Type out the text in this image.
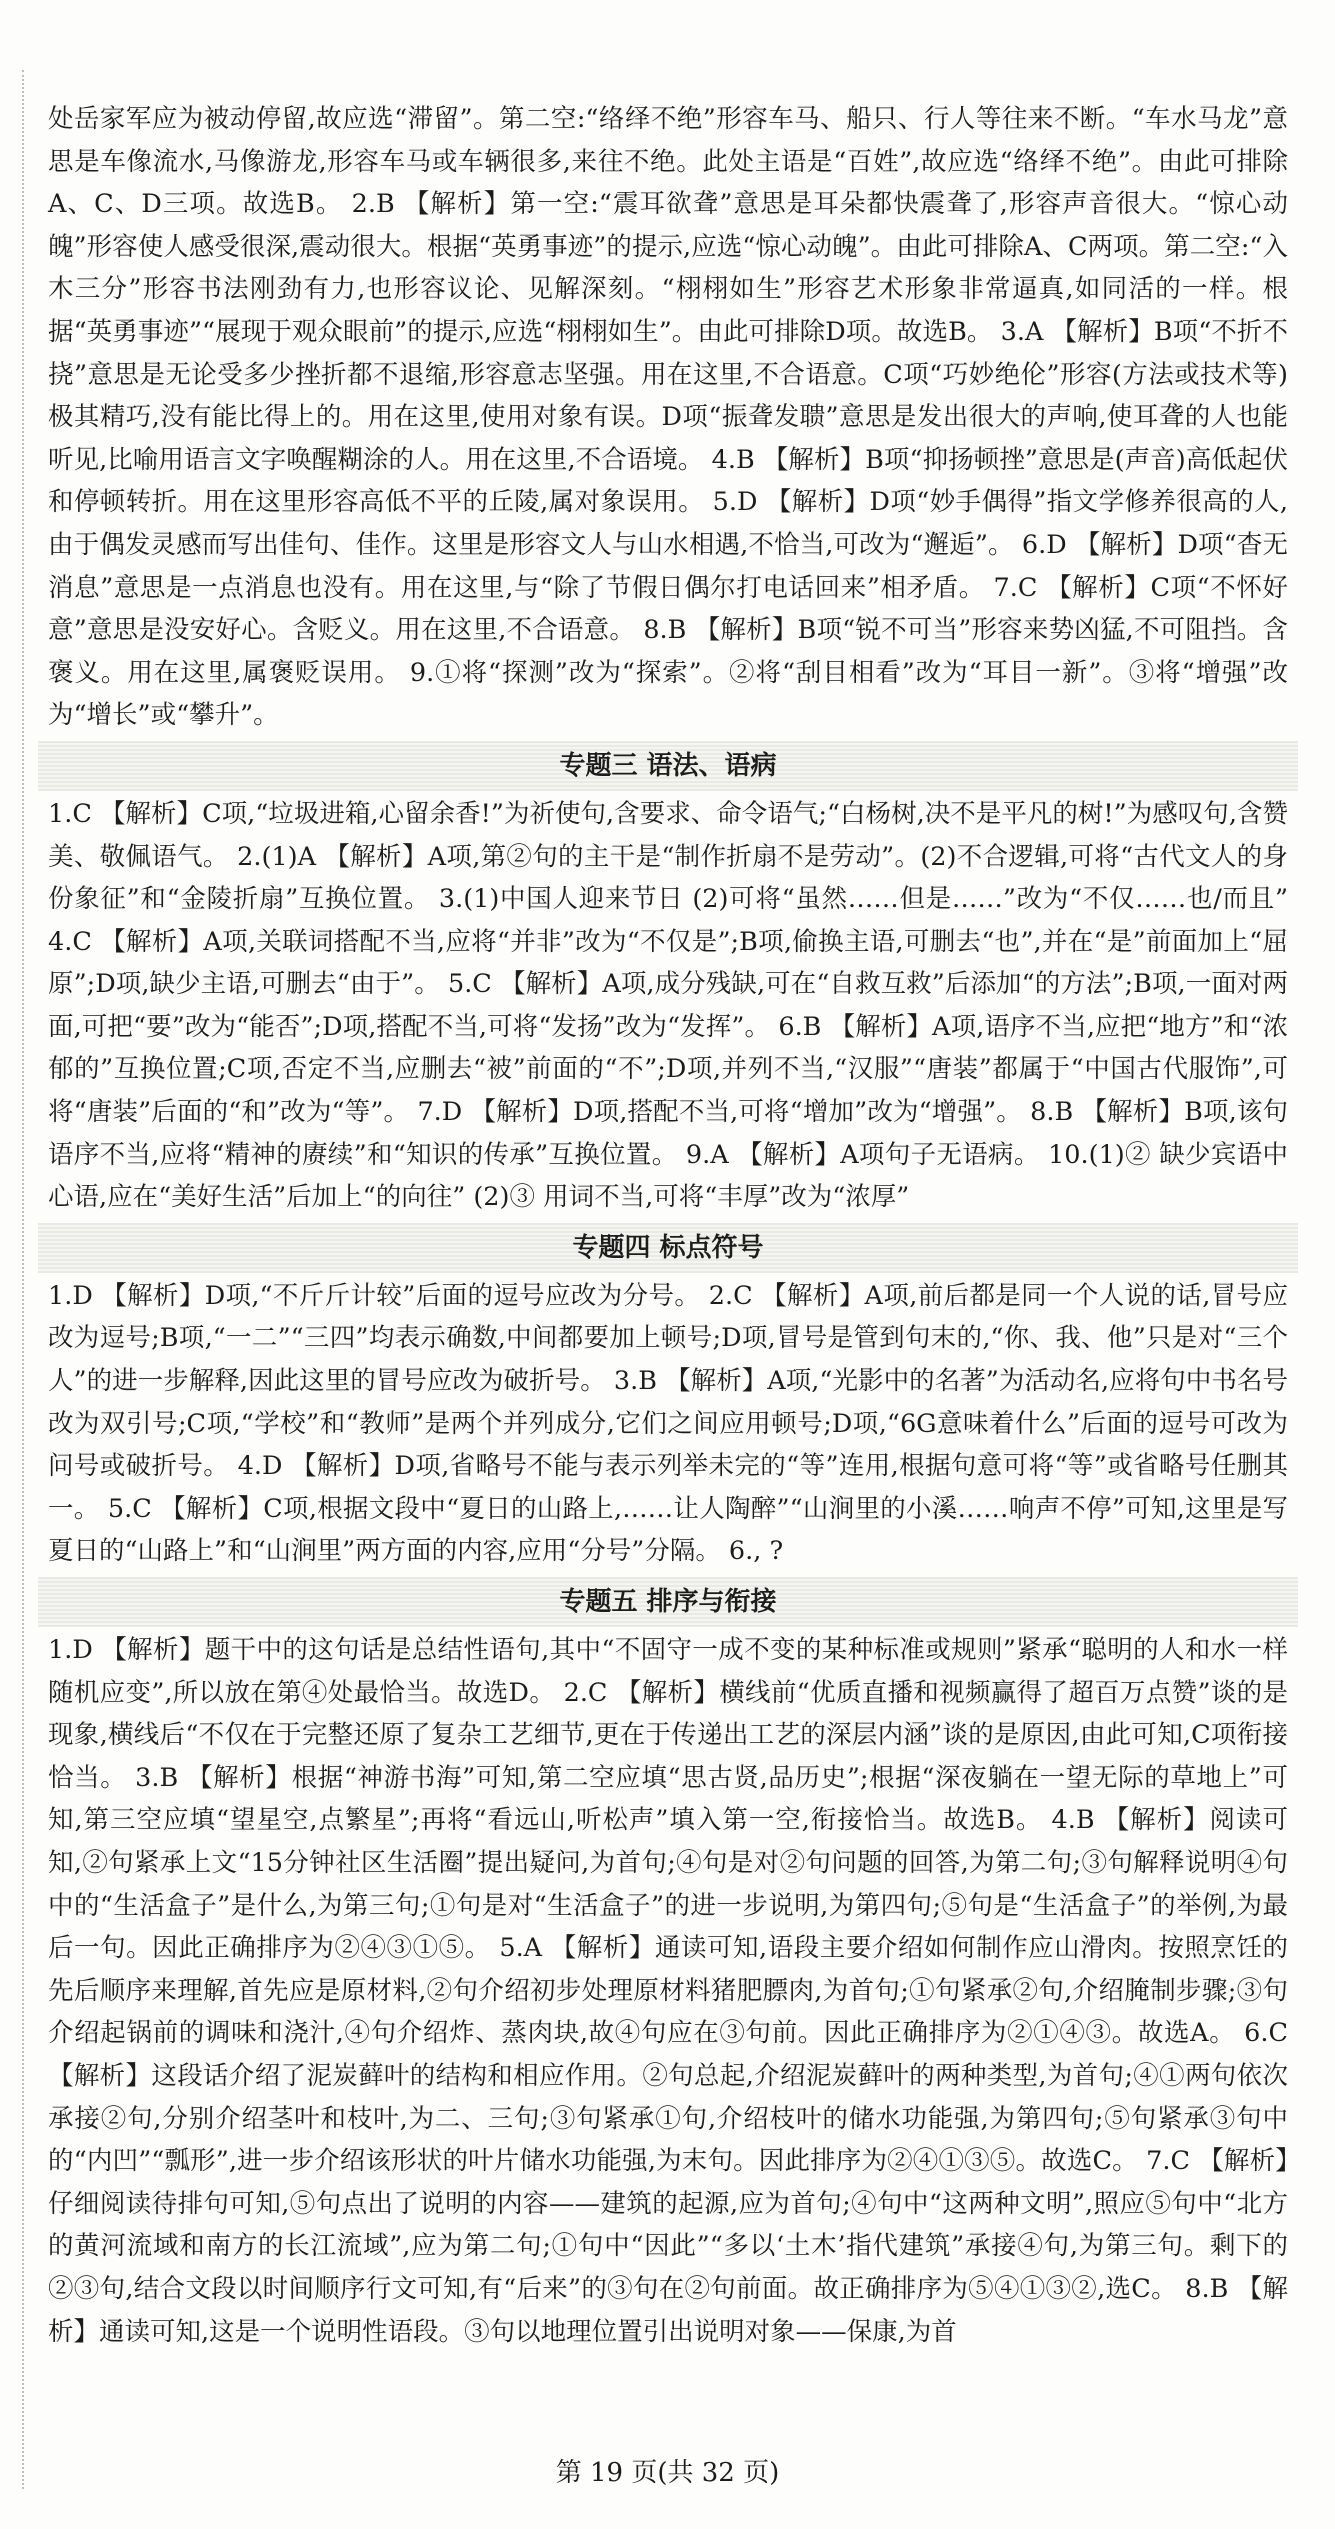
处岳家军应为被动停留,故应选“滞留”。第二空:“络绎不绝”形容车马、船只、行人等往来不断。“车水马龙”意思是车像流水,马像游龙,形容车马或车辆很多,来往不绝。此处主语是“百姓”,故应选“络绎不绝”。由此可排除A、C、D三项。故选B。 2.B 【解析】第一空:“震耳欲聋”意思是耳朵都快震聋了,形容声音很大。“惊心动魄”形容使人感受很深,震动很大。根据“英勇事迹”的提示,应选“惊心动魄”。由此可排除A、C两项。第二空:“入木三分”形容书法刚劲有力,也形容议论、见解深刻。“栩栩如生”形容艺术形象非常逼真,如同活的一样。根据“英勇事迹”“展现于观众眼前”的提示,应选“栩栩如生”。由此可排除D项。故选B。 3.A 【解析】B项“不折不挠”意思是无论受多少挫折都不退缩,形容意志坚强。用在这里,不合语意。C项“巧妙绝伦”形容(方法或技术等)极其精巧,没有能比得上的。用在这里,使用对象有误。D项“振聋发聩”意思是发出很大的声响,使耳聋的人也能听见,比喻用语言文字唤醒糊涂的人。用在这里,不合语境。 4.B 【解析】B项“抑扬顿挫”意思是(声音)高低起伏和停顿转折。用在这里形容高低不平的丘陵,属对象误用。 5.D 【解析】D项“妙手偶得”指文学修养很高的人,由于偶发灵感而写出佳句、佳作。这里是形容文人与山水相遇,不恰当,可改为“邂逅”。 6.D 【解析】D项“杳无消息”意思是一点消息也没有。用在这里,与“除了节假日偶尔打电话回来”相矛盾。 7.C 【解析】C项“不怀好意”意思是没安好心。含贬义。用在这里,不合语意。 8.B 【解析】B项“锐不可当”形容来势凶猛,不可阻挡。含褒义。用在这里,属褒贬误用。 9.①将“探测”改为“探索”。②将“刮目相看”改为“耳目一新”。③将“增强”改为“增长”或“攀升”。

专题三 语法、语病

1.C 【解析】C项,“垃圾进箱,心留余香!”为祈使句,含要求、命令语气;“白杨树,决不是平凡的树!”为感叹句,含赞美、敬佩语气。 2.(1)A 【解析】A项,第②句的主干是“制作折扇不是劳动”。(2)不合逻辑,可将“古代文人的身份象征”和“金陵折扇”互换位置。 3.(1)中国人迎来节日 (2)可将“虽然……但是……”改为“不仅……也/而且” 4.C 【解析】A项,关联词搭配不当,应将“并非”改为“不仅是”;B项,偷换主语,可删去“也”,并在“是”前面加上“屈原”;D项,缺少主语,可删去“由于”。 5.C 【解析】A项,成分残缺,可在“自救互救”后添加“的方法”;B项,一面对两面,可把“要”改为“能否”;D项,搭配不当,可将“发扬”改为“发挥”。 6.B 【解析】A项,语序不当,应把“地方”和“浓郁的”互换位置;C项,否定不当,应删去“被”前面的“不”;D项,并列不当,“汉服”“唐装”都属于“中国古代服饰”,可将“唐装”后面的“和”改为“等”。 7.D 【解析】D项,搭配不当,可将“增加”改为“增强”。 8.B 【解析】B项,该句语序不当,应将“精神的赓续”和“知识的传承”互换位置。 9.A 【解析】A项句子无语病。 10.(1)② 缺少宾语中心语,应在“美好生活”后加上“的向往” (2)③ 用词不当,可将“丰厚”改为“浓厚”

专题四 标点符号

1.D 【解析】D项,“不斤斤计较”后面的逗号应改为分号。 2.C 【解析】A项,前后都是同一个人说的话,冒号应改为逗号;B项,“一二”“三四”均表示确数,中间都要加上顿号;D项,冒号是管到句末的,“你、我、他”只是对“三个人”的进一步解释,因此这里的冒号应改为破折号。 3.B 【解析】A项,“光影中的名著”为活动名,应将句中书名号改为双引号;C项,“学校”和“教师”是两个并列成分,它们之间应用顿号;D项,“6G意味着什么”后面的逗号可改为问号或破折号。 4.D 【解析】D项,省略号不能与表示列举未完的“等”连用,根据句意可将“等”或省略号任删其一。 5.C 【解析】C项,根据文段中“夏日的山路上,……让人陶醉”“山涧里的小溪……响声不停”可知,这里是写夏日的“山路上”和“山涧里”两方面的内容,应用“分号”分隔。 6., ?

专题五 排序与衔接

1.D 【解析】题干中的这句话是总结性语句,其中“不固守一成不变的某种标准或规则”紧承“聪明的人和水一样随机应变”,所以放在第④处最恰当。故选D。 2.C 【解析】横线前“优质直播和视频赢得了超百万点赞”谈的是现象,横线后“不仅在于完整还原了复杂工艺细节,更在于传递出工艺的深层内涵”谈的是原因,由此可知,C项衔接恰当。 3.B 【解析】根据“神游书海”可知,第二空应填“思古贤,品历史”;根据“深夜躺在一望无际的草地上”可知,第三空应填“望星空,点繁星”;再将“看远山,听松声”填入第一空,衔接恰当。故选B。 4.B 【解析】阅读可知,②句紧承上文“15分钟社区生活圈”提出疑问,为首句;④句是对②句问题的回答,为第二句;③句解释说明④句中的“生活盒子”是什么,为第三句;①句是对“生活盒子”的进一步说明,为第四句;⑤句是“生活盒子”的举例,为最后一句。因此正确排序为②④③①⑤。 5.A 【解析】通读可知,语段主要介绍如何制作应山滑肉。按照烹饪的先后顺序来理解,首先应是原材料,②句介绍初步处理原材料猪肥膘肉,为首句;①句紧承②句,介绍腌制步骤;③句介绍起锅前的调味和浇汁,④句介绍炸、蒸肉块,故④句应在③句前。因此正确排序为②①④③。故选A。 6.C 【解析】这段话介绍了泥炭藓叶的结构和相应作用。②句总起,介绍泥炭藓叶的两种类型,为首句;④①两句依次承接②句,分别介绍茎叶和枝叶,为二、三句;③句紧承①句,介绍枝叶的储水功能强,为第四句;⑤句紧承③句中的“内凹”“瓢形”,进一步介绍该形状的叶片储水功能强,为末句。因此排序为②④①③⑤。故选C。 7.C 【解析】仔细阅读待排句可知,⑤句点出了说明的内容——建筑的起源,应为首句;④句中“这两种文明”,照应⑤句中“北方的黄河流域和南方的长江流域”,应为第二句;①句中“因此”“多以‘土木’指代建筑”承接④句,为第三句。剩下的②③句,结合文段以时间顺序行文可知,有“后来”的③句在②句前面。故正确排序为⑤④①③②,选C。 8.B 【解析】通读可知,这是一个说明性语段。③句以地理位置引出说明对象——保康,为首

第 19 页(共 32 页)
